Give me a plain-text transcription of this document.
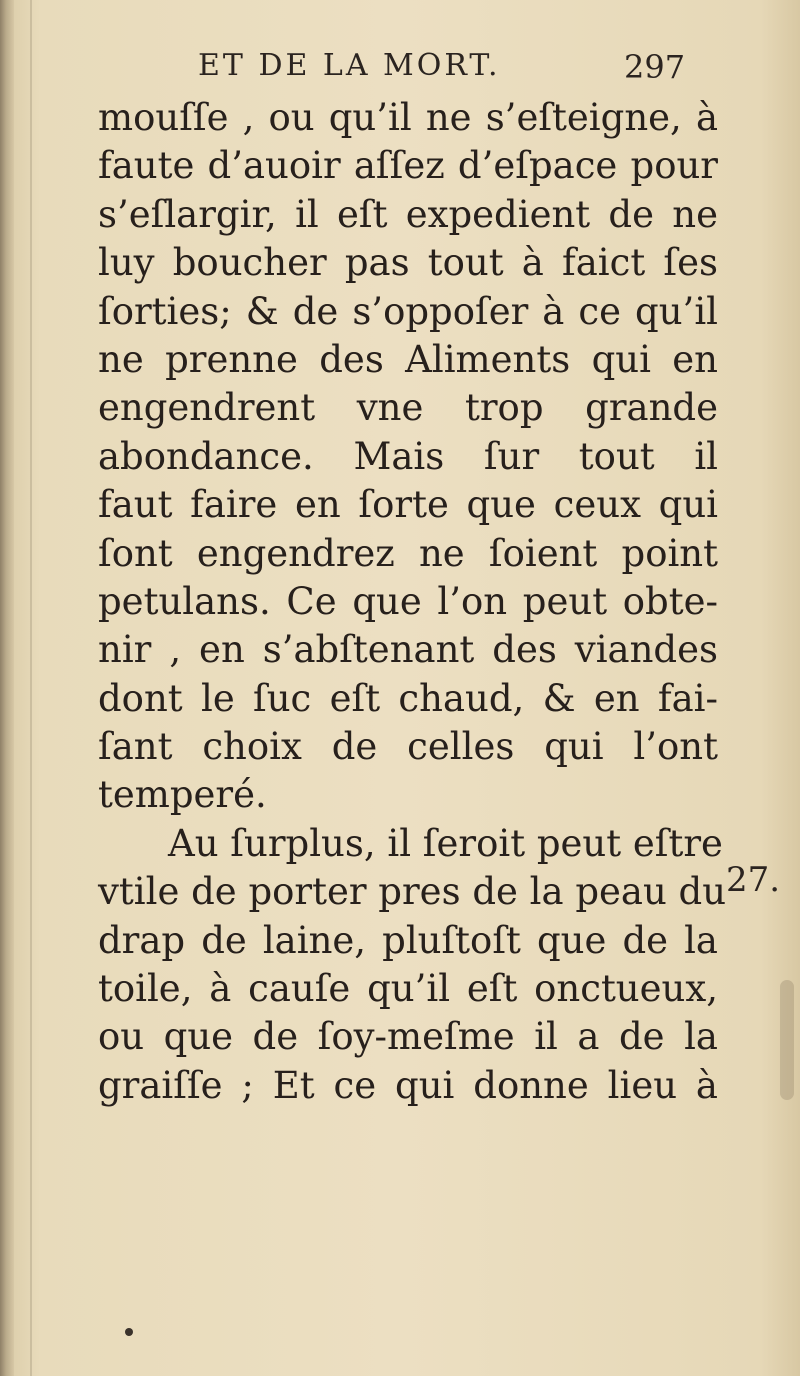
ET DE LA MORT.	297
mouſſe , ou qu’il ne s’eſteigne, à
faute d’auoir aſſez d’eſpace pour
s’eſlargir, il eſt expedient de ne
luy boucher pas tout à faict ſes
ſorties; & de s’oppoſer à ce qu’il
ne prenne des Aliments qui en
engendrent vne trop grande
abondance. Mais ſur tout il
faut faire en ſorte que ceux qui
ſont engendrez ne ſoient point
petulans. Ce que l’on peut obte-
nir , en s’abſtenant des viandes
dont le ſuc eſt chaud, & en fai-
ſant choix de celles qui l’ont
temperé.
Au ſurplus, il ſeroit peut eſtre
vtile de porter pres de la peau du
drap de laine, pluſtoſt que de la
toile, à cauſe qu’il eſt onctueux,
ou que de ſoy-meſme il a de la
graiſſe ; Et ce qui donne lieu à
27.
